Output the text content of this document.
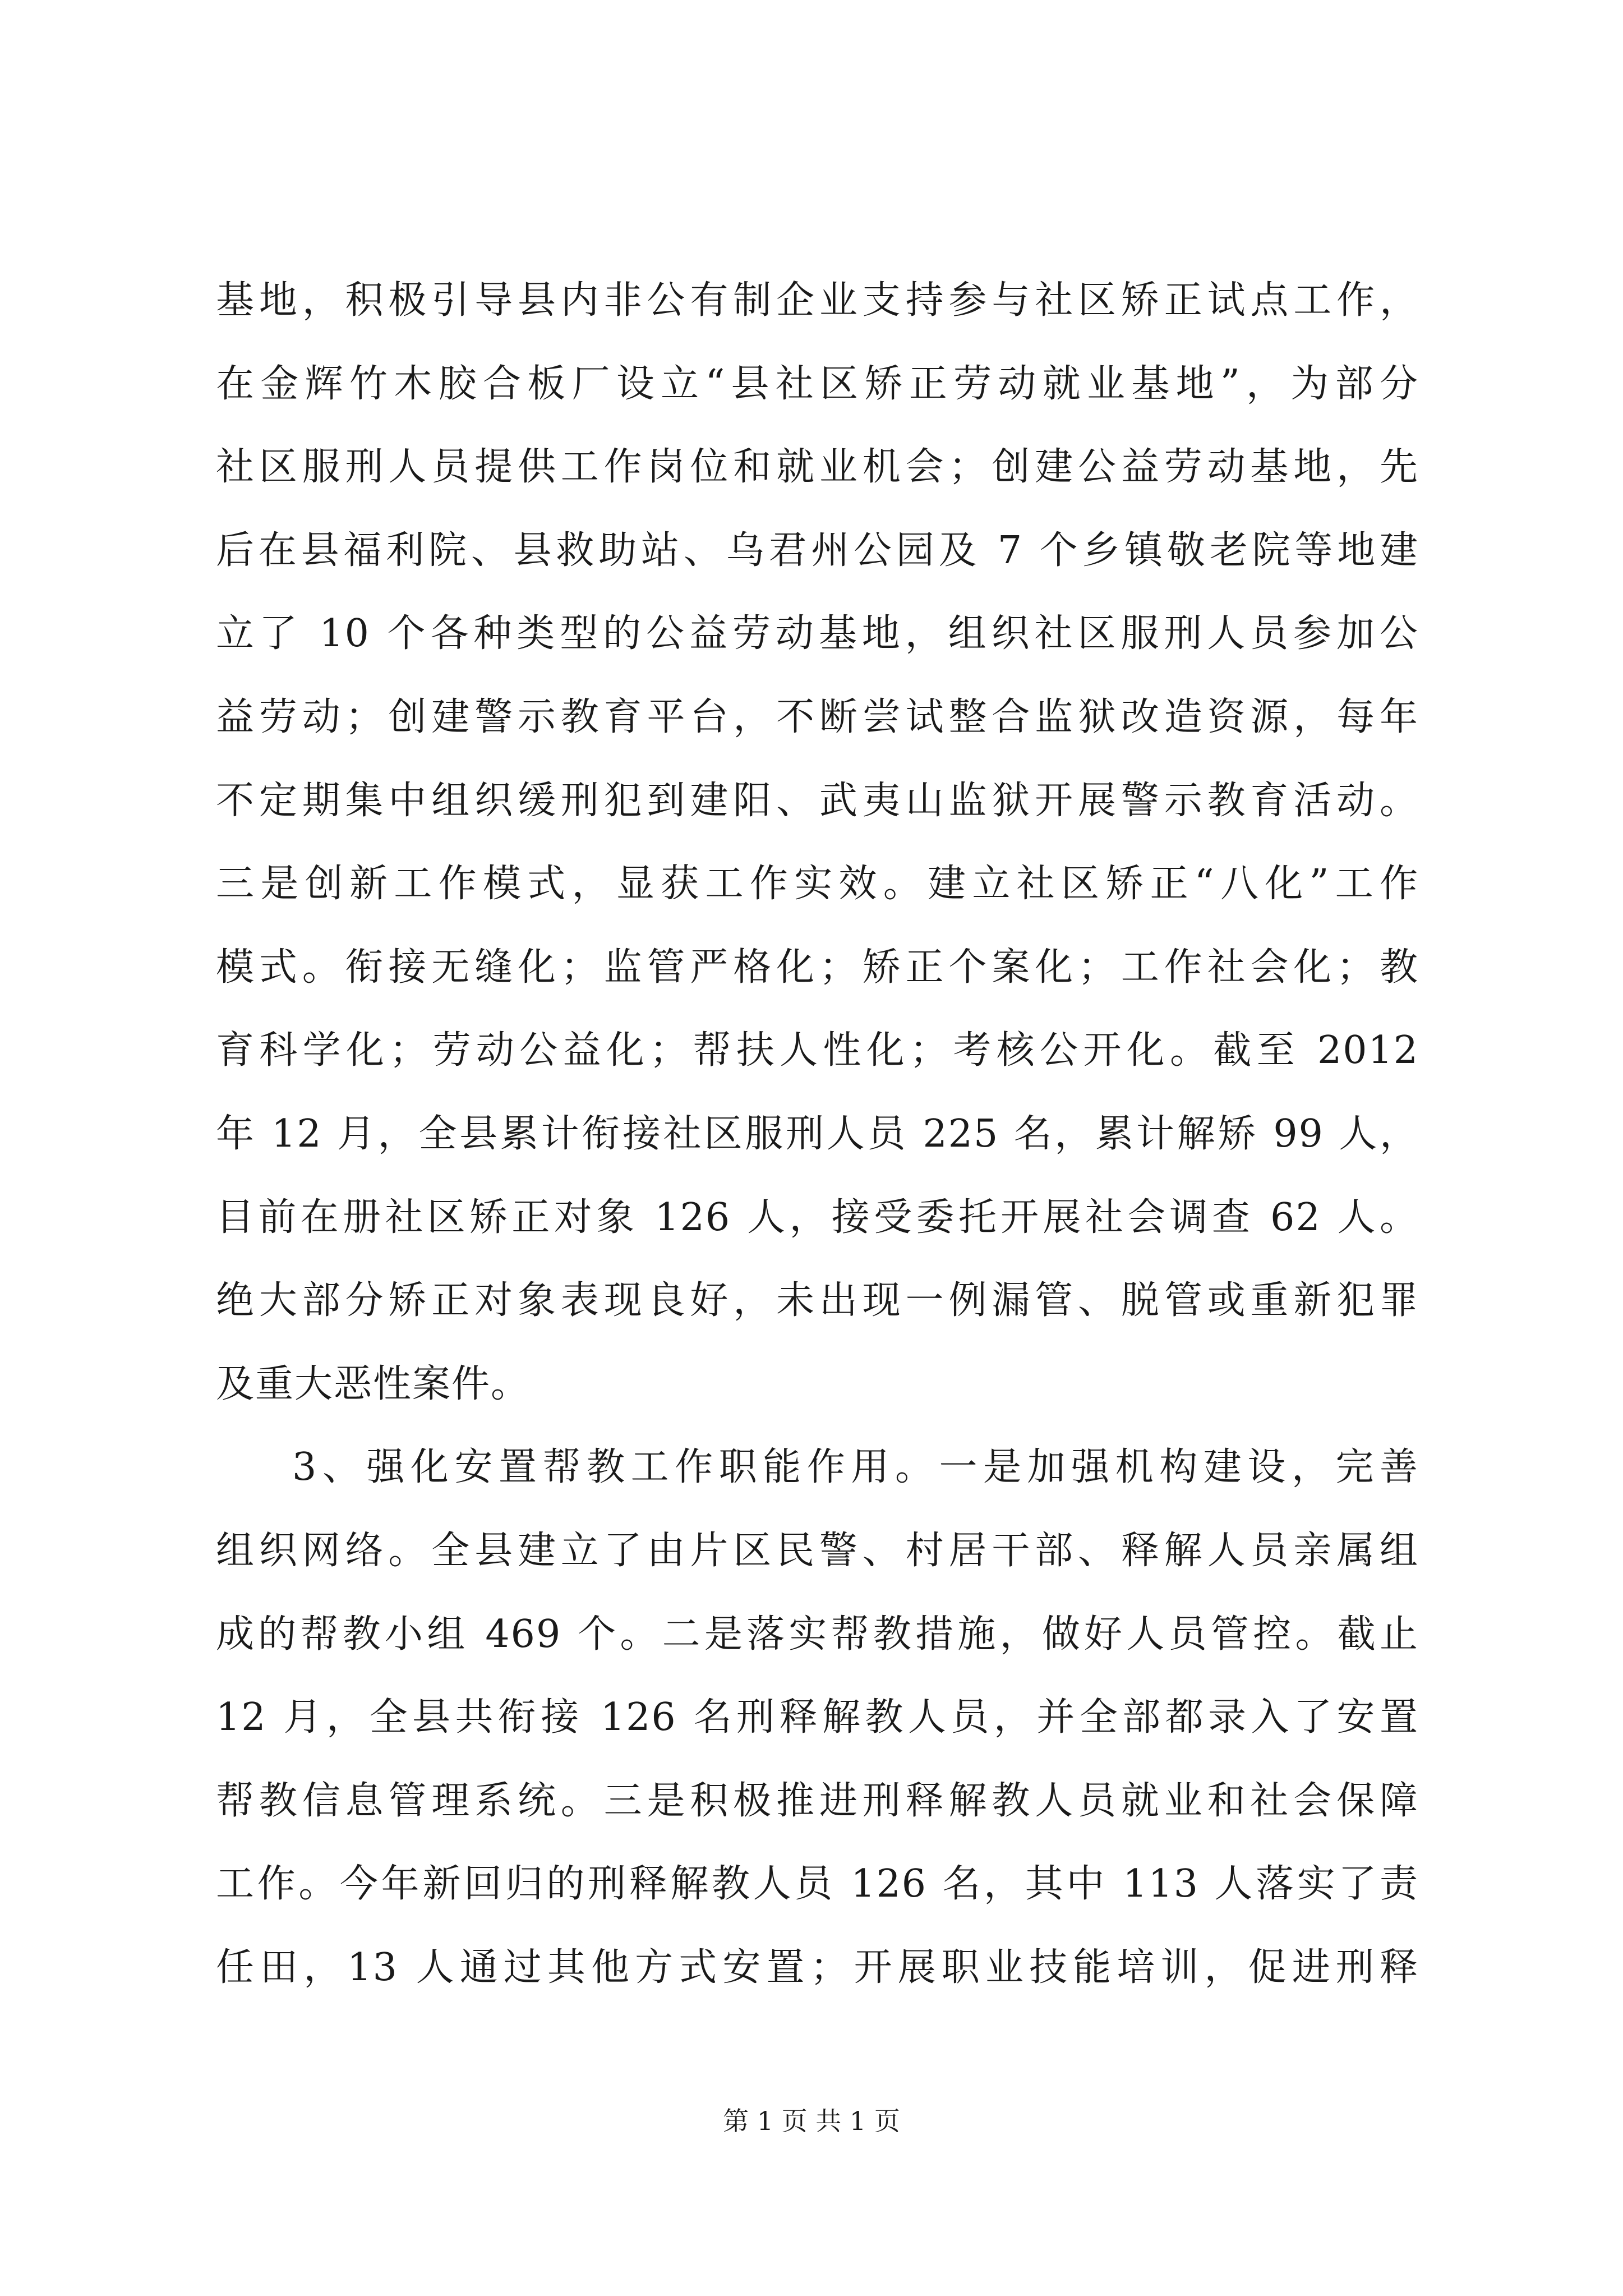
基地，积极引导县内非公有制企业支持参与社区矫正试点工作，
在金辉竹木胶合板厂设立“县社区矫正劳动就业基地”，为部分
社区服刑人员提供工作岗位和就业机会；创建公益劳动基地，先
后在县福利院、县救助站、乌君州公园及 7 个乡镇敬老院等地建
立了 10 个各种类型的公益劳动基地，组织社区服刑人员参加公
益劳动；创建警示教育平台，不断尝试整合监狱改造资源，每年
不定期集中组织缓刑犯到建阳、武夷山监狱开展警示教育活动。
三是创新工作模式，显获工作实效。建立社区矫正“八化”工作
模式。衔接无缝化；监管严格化；矫正个案化；工作社会化；教
育科学化；劳动公益化；帮扶人性化；考核公开化。截至 2012
年 12 月，全县累计衔接社区服刑人员 225 名，累计解矫 99 人，
目前在册社区矫正对象 126 人，接受委托开展社会调查 62 人。
绝大部分矫正对象表现良好，未出现一例漏管、脱管或重新犯罪
及重大恶性案件。
3、强化安置帮教工作职能作用。一是加强机构建设，完善
组织网络。全县建立了由片区民警、村居干部、释解人员亲属组
成的帮教小组 469 个。二是落实帮教措施，做好人员管控。截止
12 月，全县共衔接 126 名刑释解教人员，并全部都录入了安置
帮教信息管理系统。三是积极推进刑释解教人员就业和社会保障
工作。今年新回归的刑释解教人员 126 名，其中 113 人落实了责
任田，13 人通过其他方式安置；开展职业技能培训，促进刑释
第 1 页 共 1 页
